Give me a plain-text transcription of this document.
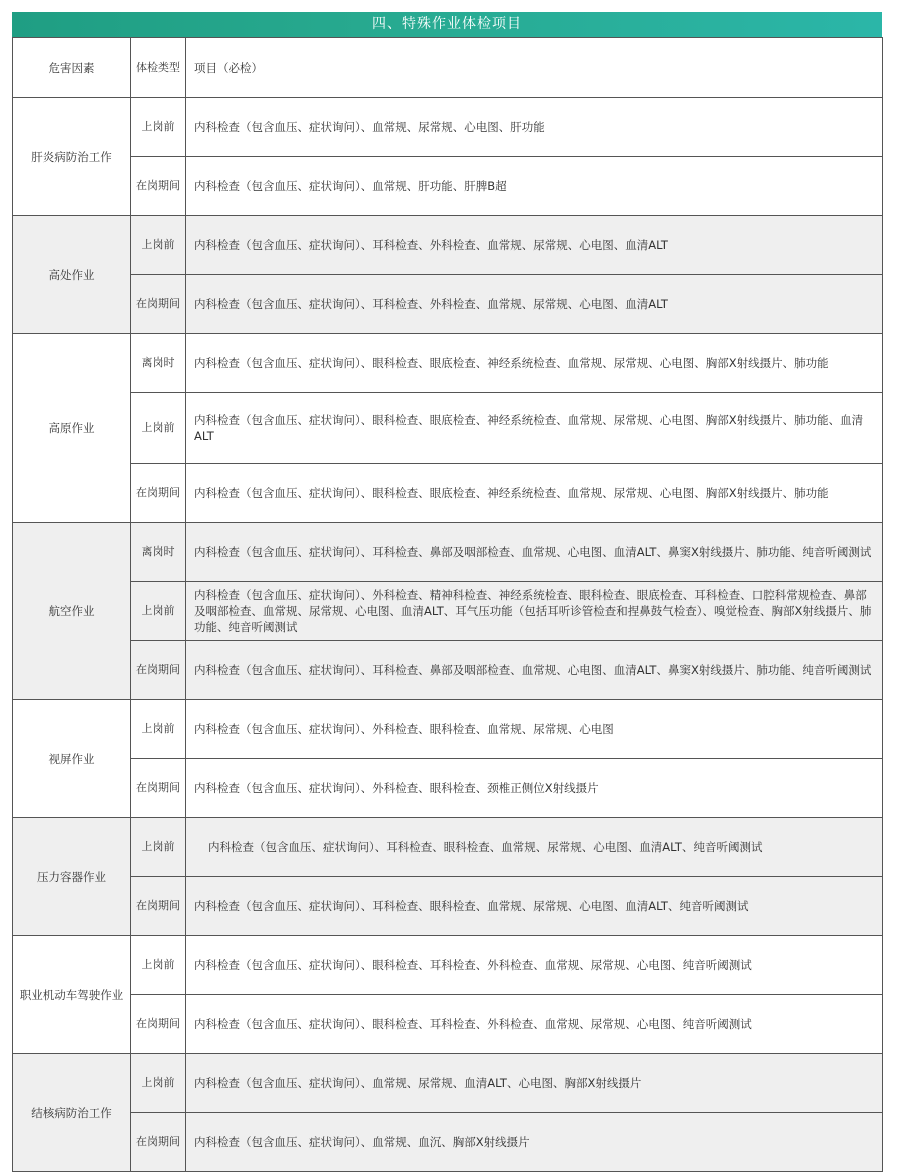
四、特殊作业体检项目
危害因素	体检类型	项目（必检）
肝炎病防治工作	上岗前	内科检查（包含血压、症状询问）、血常规、尿常规、心电图、肝功能
	在岗期间	内科检查（包含血压、症状询问）、血常规、肝功能、肝脾B超
高处作业	上岗前	内科检查（包含血压、症状询问）、耳科检查、外科检查、血常规、尿常规、心电图、血清ALT
	在岗期间	内科检查（包含血压、症状询问）、耳科检查、外科检查、血常规、尿常规、心电图、血清ALT
高原作业	离岗时	内科检查（包含血压、症状询问）、眼科检查、眼底检查、神经系统检查、血常规、尿常规、心电图、胸部X射线摄片、肺功能
	上岗前	内科检查（包含血压、症状询问）、眼科检查、眼底检查、神经系统检查、血常规、尿常规、心电图、胸部X射线摄片、肺功能、血清ALT
	在岗期间	内科检查（包含血压、症状询问）、眼科检查、眼底检查、神经系统检查、血常规、尿常规、心电图、胸部X射线摄片、肺功能
航空作业	离岗时	内科检查（包含血压、症状询问）、耳科检查、鼻部及咽部检查、血常规、心电图、血清ALT、鼻窦X射线摄片、肺功能、纯音听阈测试
	上岗前	内科检查（包含血压、症状询问）、外科检查、精神科检查、神经系统检查、眼科检查、眼底检查、耳科检查、口腔科常规检查、鼻部及咽部检查、血常规、尿常规、心电图、血清ALT、耳气压功能（包括耳听诊管检查和捏鼻鼓气检查）、嗅觉检查、胸部X射线摄片、肺功能、纯音听阈测试
	在岗期间	内科检查（包含血压、症状询问）、耳科检查、鼻部及咽部检查、血常规、心电图、血清ALT、鼻窦X射线摄片、肺功能、纯音听阈测试
视屏作业	上岗前	内科检查（包含血压、症状询问）、外科检查、眼科检查、血常规、尿常规、心电图
	在岗期间	内科检查（包含血压、症状询问）、外科检查、眼科检查、颈椎正侧位X射线摄片
压力容器作业	上岗前	内科检查（包含血压、症状询问）、耳科检查、眼科检查、血常规、尿常规、心电图、血清ALT、纯音听阈测试
	在岗期间	内科检查（包含血压、症状询问）、耳科检查、眼科检查、血常规、尿常规、心电图、血清ALT、纯音听阈测试
职业机动车驾驶作业	上岗前	内科检查（包含血压、症状询问）、眼科检查、耳科检查、外科检查、血常规、尿常规、心电图、纯音听阈测试
	在岗期间	内科检查（包含血压、症状询问）、眼科检查、耳科检查、外科检查、血常规、尿常规、心电图、纯音听阈测试
结核病防治工作	上岗前	内科检查（包含血压、症状询问）、血常规、尿常规、血清ALT、心电图、胸部X射线摄片
	在岗期间	内科检查（包含血压、症状询问）、血常规、血沉、胸部X射线摄片
